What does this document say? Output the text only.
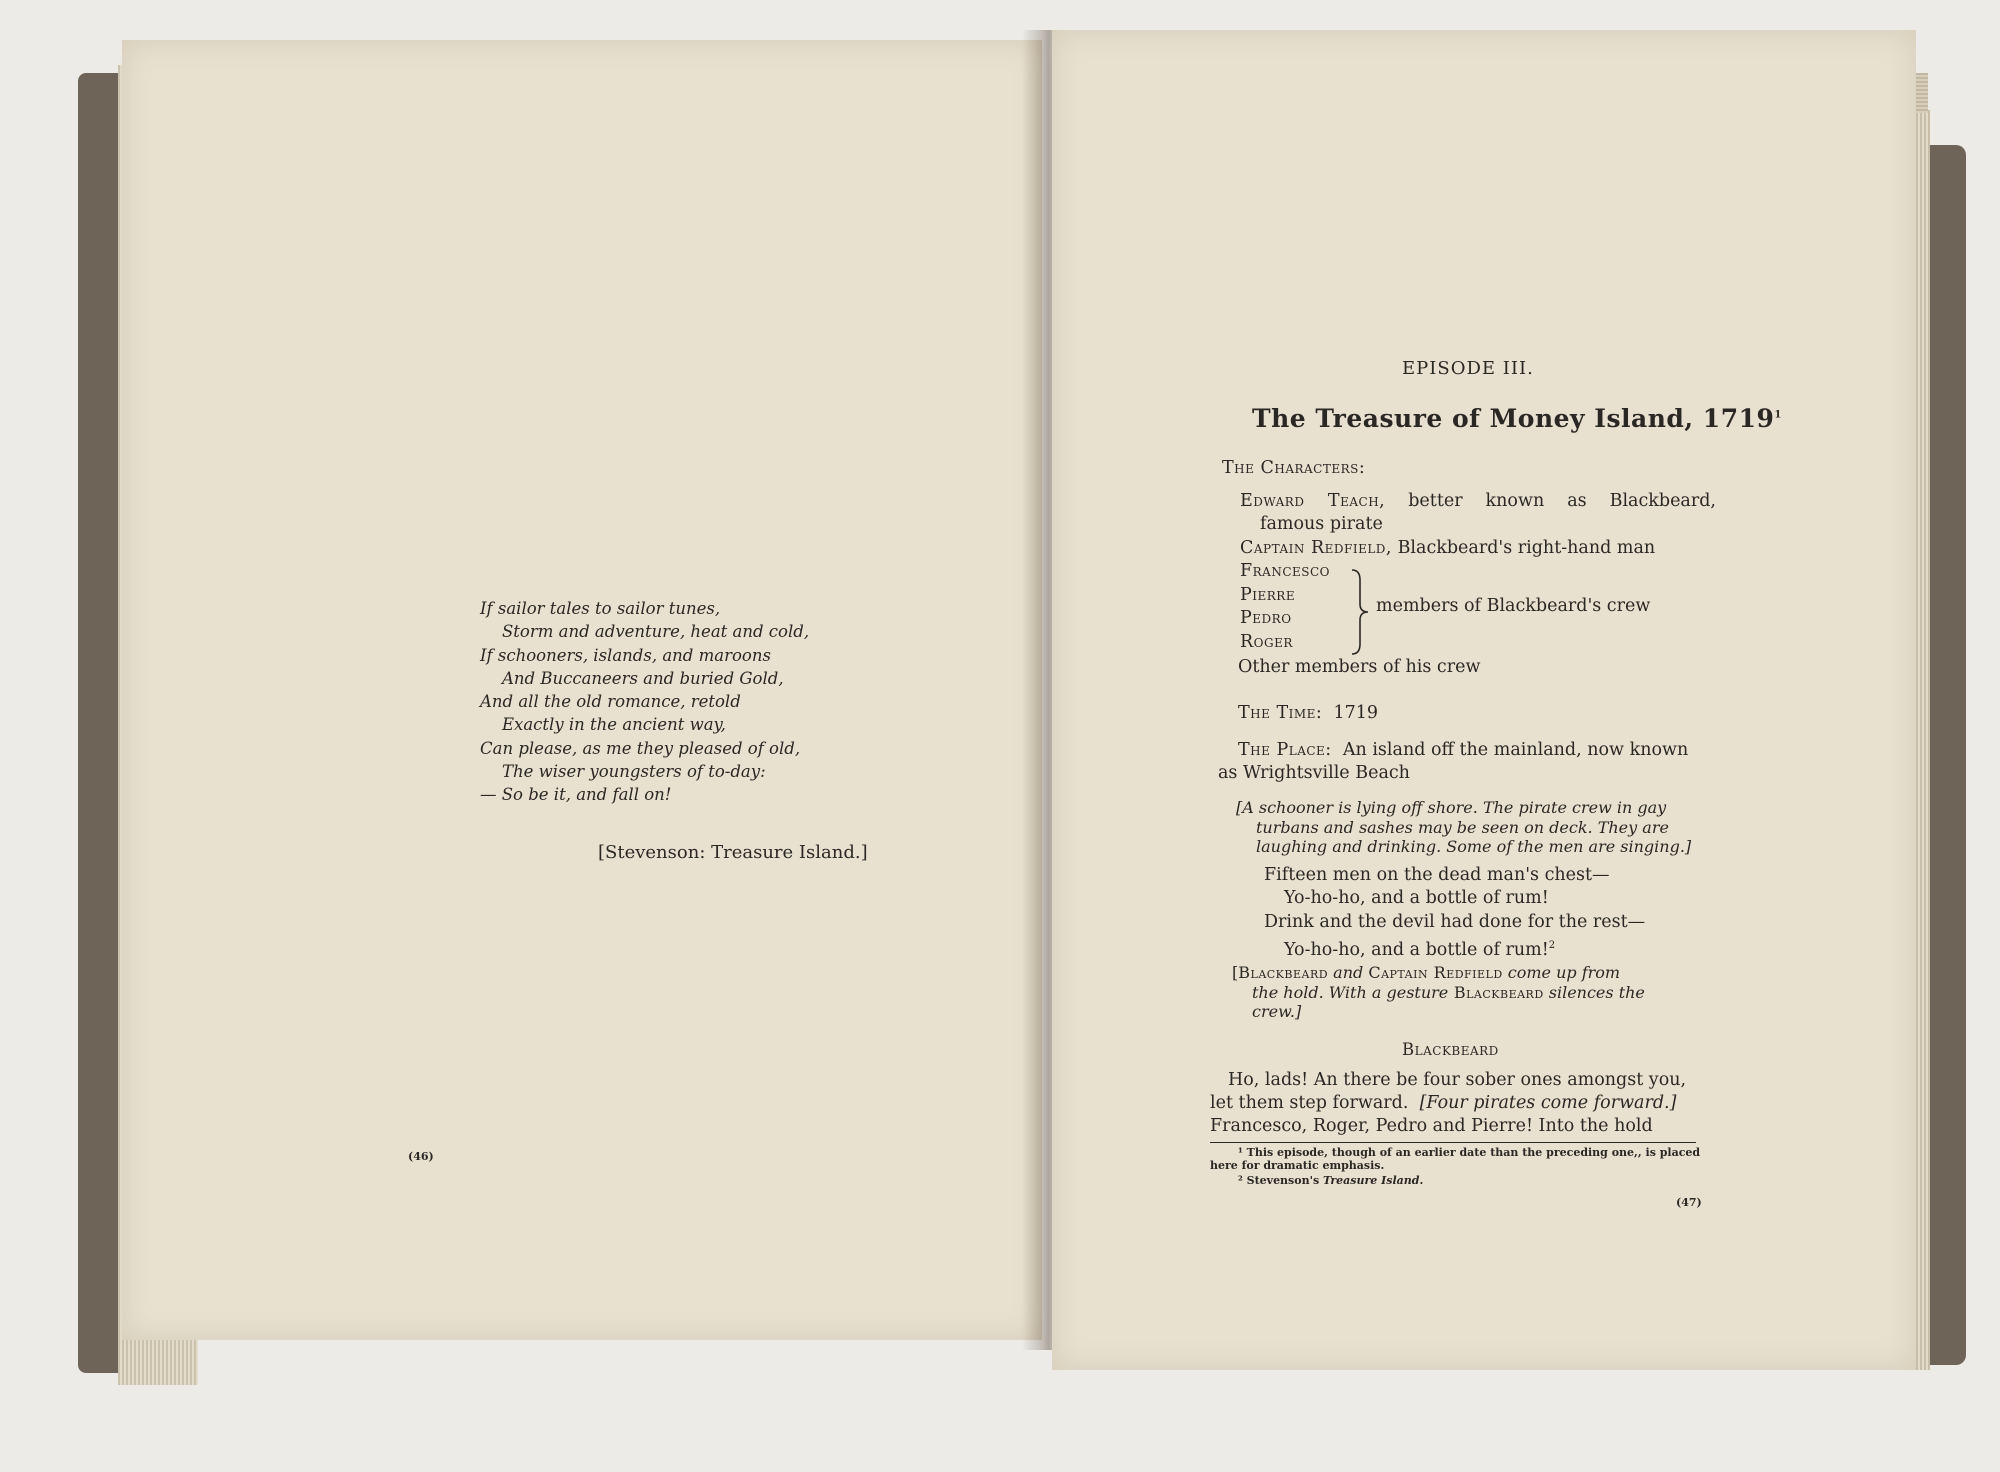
If sailor tales to sailor tunes,
Storm and adventure, heat and cold,
If schooners, islands, and maroons
And Buccaneers and buried Gold,
And all the old romance, retold
Exactly in the ancient way,
Can please, as me they pleased of old,
The wiser youngsters of to-day:
— So be it, and fall on!

[Stevenson: Treasure Island.]

(46)

EPISODE III.

The Treasure of Money Island, 1719$^1$

The Characters:

Edward Teach, better known as Blackbeard,

famous pirate

Captain Redfield, Blackbeard's right-hand man

Francesco

Pierre

Pedro

Roger

members of Blackbeard's crew

Other members of his crew

The Time: 1719

The Place: An island off the mainland, now known

as Wrightsville Beach

[A schooner is lying off shore. The pirate crew in gay
turbans and sashes may be seen on deck. They are
laughing and drinking. Some of the men are singing.]
Fifteen men on the dead man's chest—
Yo-ho-ho, and a bottle of rum!
Drink and the devil had done for the rest—
Yo-ho-ho, and a bottle of rum!$^2$
[Blackbeard and Captain Redfield come up from
the hold. With a gesture Blackbeard silences the
crew.]

Blackbeard

Ho, lads! An there be four sober ones amongst you,

let them step forward. [Four pirates come forward.]

Francesco, Roger, Pedro and Pierre! Into the hold

¹ This episode, though of an earlier date than the preceding one,, is placed
here for dramatic emphasis.
² Stevenson's Treasure Island.

(47)
